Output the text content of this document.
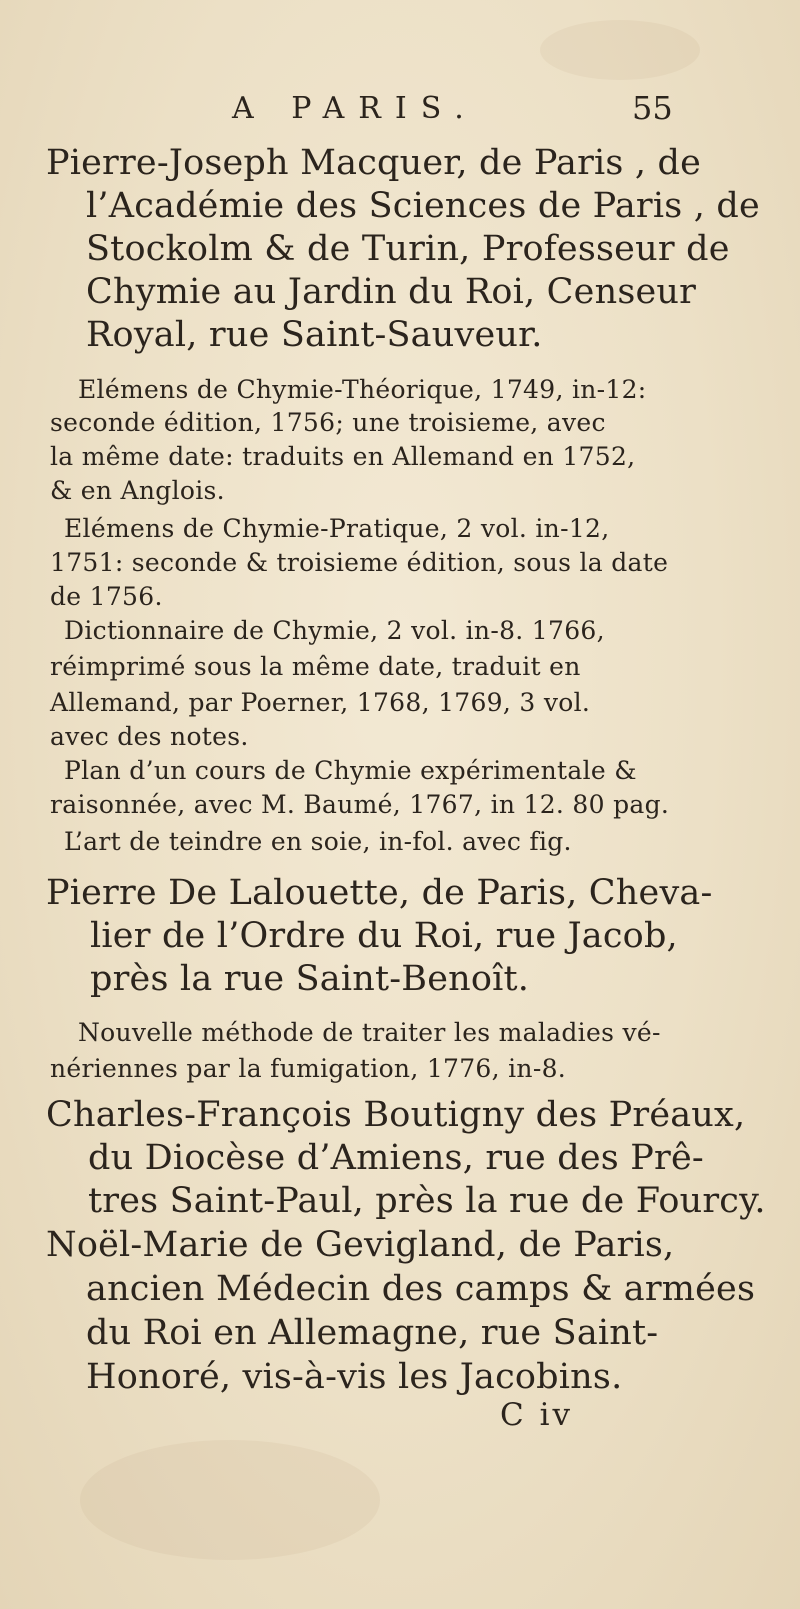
A PARIS.	55
Pierre-Joseph Macquer, de Paris , de
l’Académie des Sciences de Paris , de
Stockolm & de Turin, Professeur de
Chymie au Jardin du Roi, Censeur
Royal, rue Saint-Sauveur.
Elémens de Chymie-Théorique, 1749, in-12:
seconde édition, 1756; une troisieme, avec
la même date: traduits en Allemand en 1752,
& en Anglois.
Elémens de Chymie-Pratique, 2 vol. in-12,
1751: seconde & troisieme édition, sous la date
de 1756.
Dictionnaire de Chymie, 2 vol. in-8. 1766,
réimprimé sous la même date, traduit en
Allemand, par Poerner, 1768, 1769, 3 vol.
avec des notes.
Plan d’un cours de Chymie expérimentale &
raisonnée, avec M. Baumé, 1767, in 12. 80 pag.
L’art de teindre en soie, in-fol. avec fig.
Pierre De Lalouette, de Paris, Cheva-
lier de l’Ordre du Roi, rue Jacob,
près la rue Saint-Benoît.
Nouvelle méthode de traiter les maladies vé-
nériennes par la fumigation, 1776, in-8.
Charles-François Boutigny des Préaux,
du Diocèse d’Amiens, rue des Prê-
tres Saint-Paul, près la rue de Fourcy.
Noël-Marie de Gevigland, de Paris,
ancien Médecin des camps & armées
du Roi en Allemagne, rue Saint-
Honoré, vis-à-vis les Jacobins.
C iv
